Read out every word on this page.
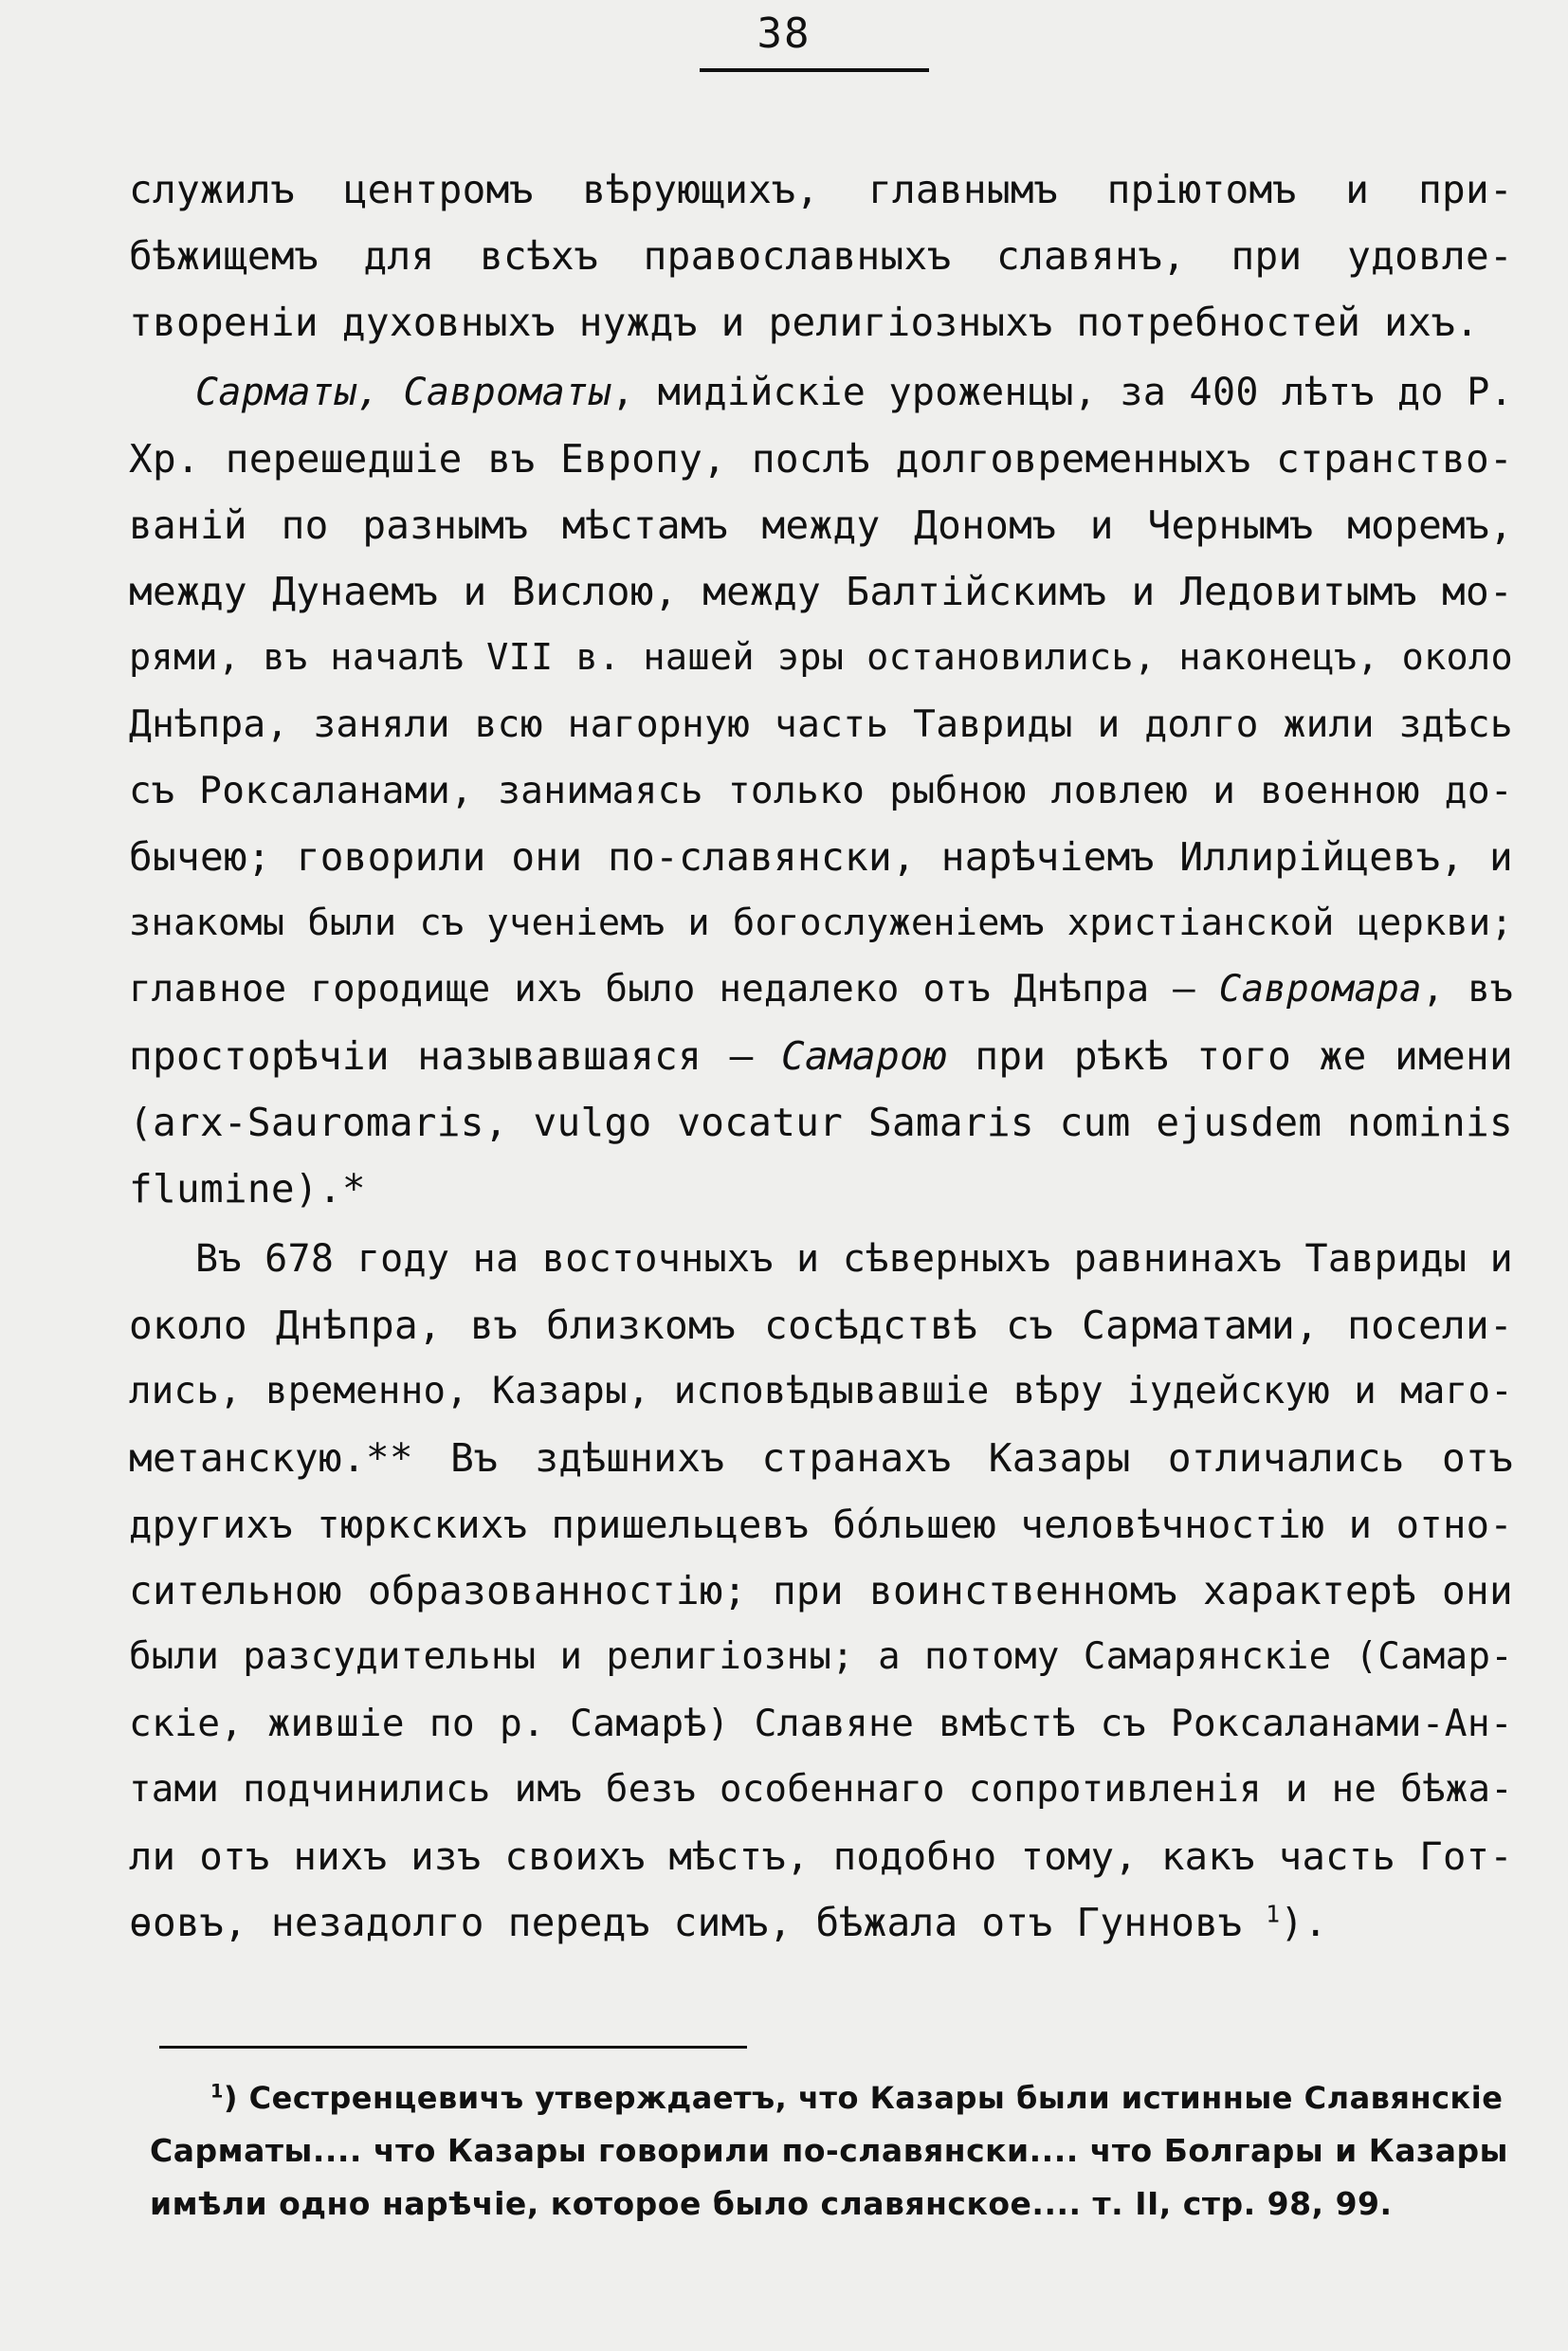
38
служилъ центромъ вѣрующихъ, главнымъ пріютомъ и при-
бѣжищемъ для всѣхъ православныхъ славянъ, при удовле-
твореніи духовныхъ нуждъ и религіозныхъ потребностей ихъ.
Сарматы, Савроматы, мидійскіе уроженцы, за 400 лѣтъ до Р.
Хр. перешедшіе въ Европу, послѣ долговременныхъ странство-
ваній по разнымъ мѣстамъ между Дономъ и Чернымъ моремъ,
между Дунаемъ и Вислою, между Балтійскимъ и Ледовитымъ мо-
рями, въ началѣ VII в. нашей эры остановились, наконецъ, около
Днѣпра, заняли всю нагорную часть Тавриды и долго жили здѣсь
съ Роксаланами, занимаясь только рыбною ловлею и военною до-
бычею; говорили они по-славянски, нарѣчіемъ Иллирійцевъ, и
знакомы были съ ученіемъ и богослуженіемъ христіанской церкви;
главное городище ихъ было недалеко отъ Днѣпра — Савромара, въ
просторѣчіи называвшаяся — Самарою при рѣкѣ того же имени
(arx-Sauromaris, vulgo vocatur Samaris cum ejusdem nominis
flumine).*
Въ 678 году на восточныхъ и сѣверныхъ равнинахъ Тавриды и
около Днѣпра, въ близкомъ сосѣдствѣ съ Сарматами, посели-
лись, временно, Казары, исповѣдывавшіе вѣру іудейскую и маго-
метанскую.** Въ здѣшнихъ странахъ Казары отличались отъ
другихъ тюркскихъ пришельцевъ бо́льшею человѣчностію и отно-
сительною образованностію; при воинственномъ характерѣ они
были разсудительны и религіозны; а потому Самарянскіе (Самар-
скіе, жившіе по р. Самарѣ) Славяне вмѣстѣ съ Роксаланами-Ан-
тами подчинились имъ безъ особеннаго сопротивленія и не бѣжа-
ли отъ нихъ изъ своихъ мѣстъ, подобно тому, какъ часть Гот-
ѳовъ, незадолго передъ симъ, бѣжала отъ Гунновъ $^1$).
$^1$) Сестренцевичъ утверждаетъ, что Казары были истинные Славянскіе
Сарматы.... что Казары говорили по-славянски.... что Болгары и Казары
имѣли одно нарѣчіе, которое было славянское.... т. II, стр. 98, 99.
